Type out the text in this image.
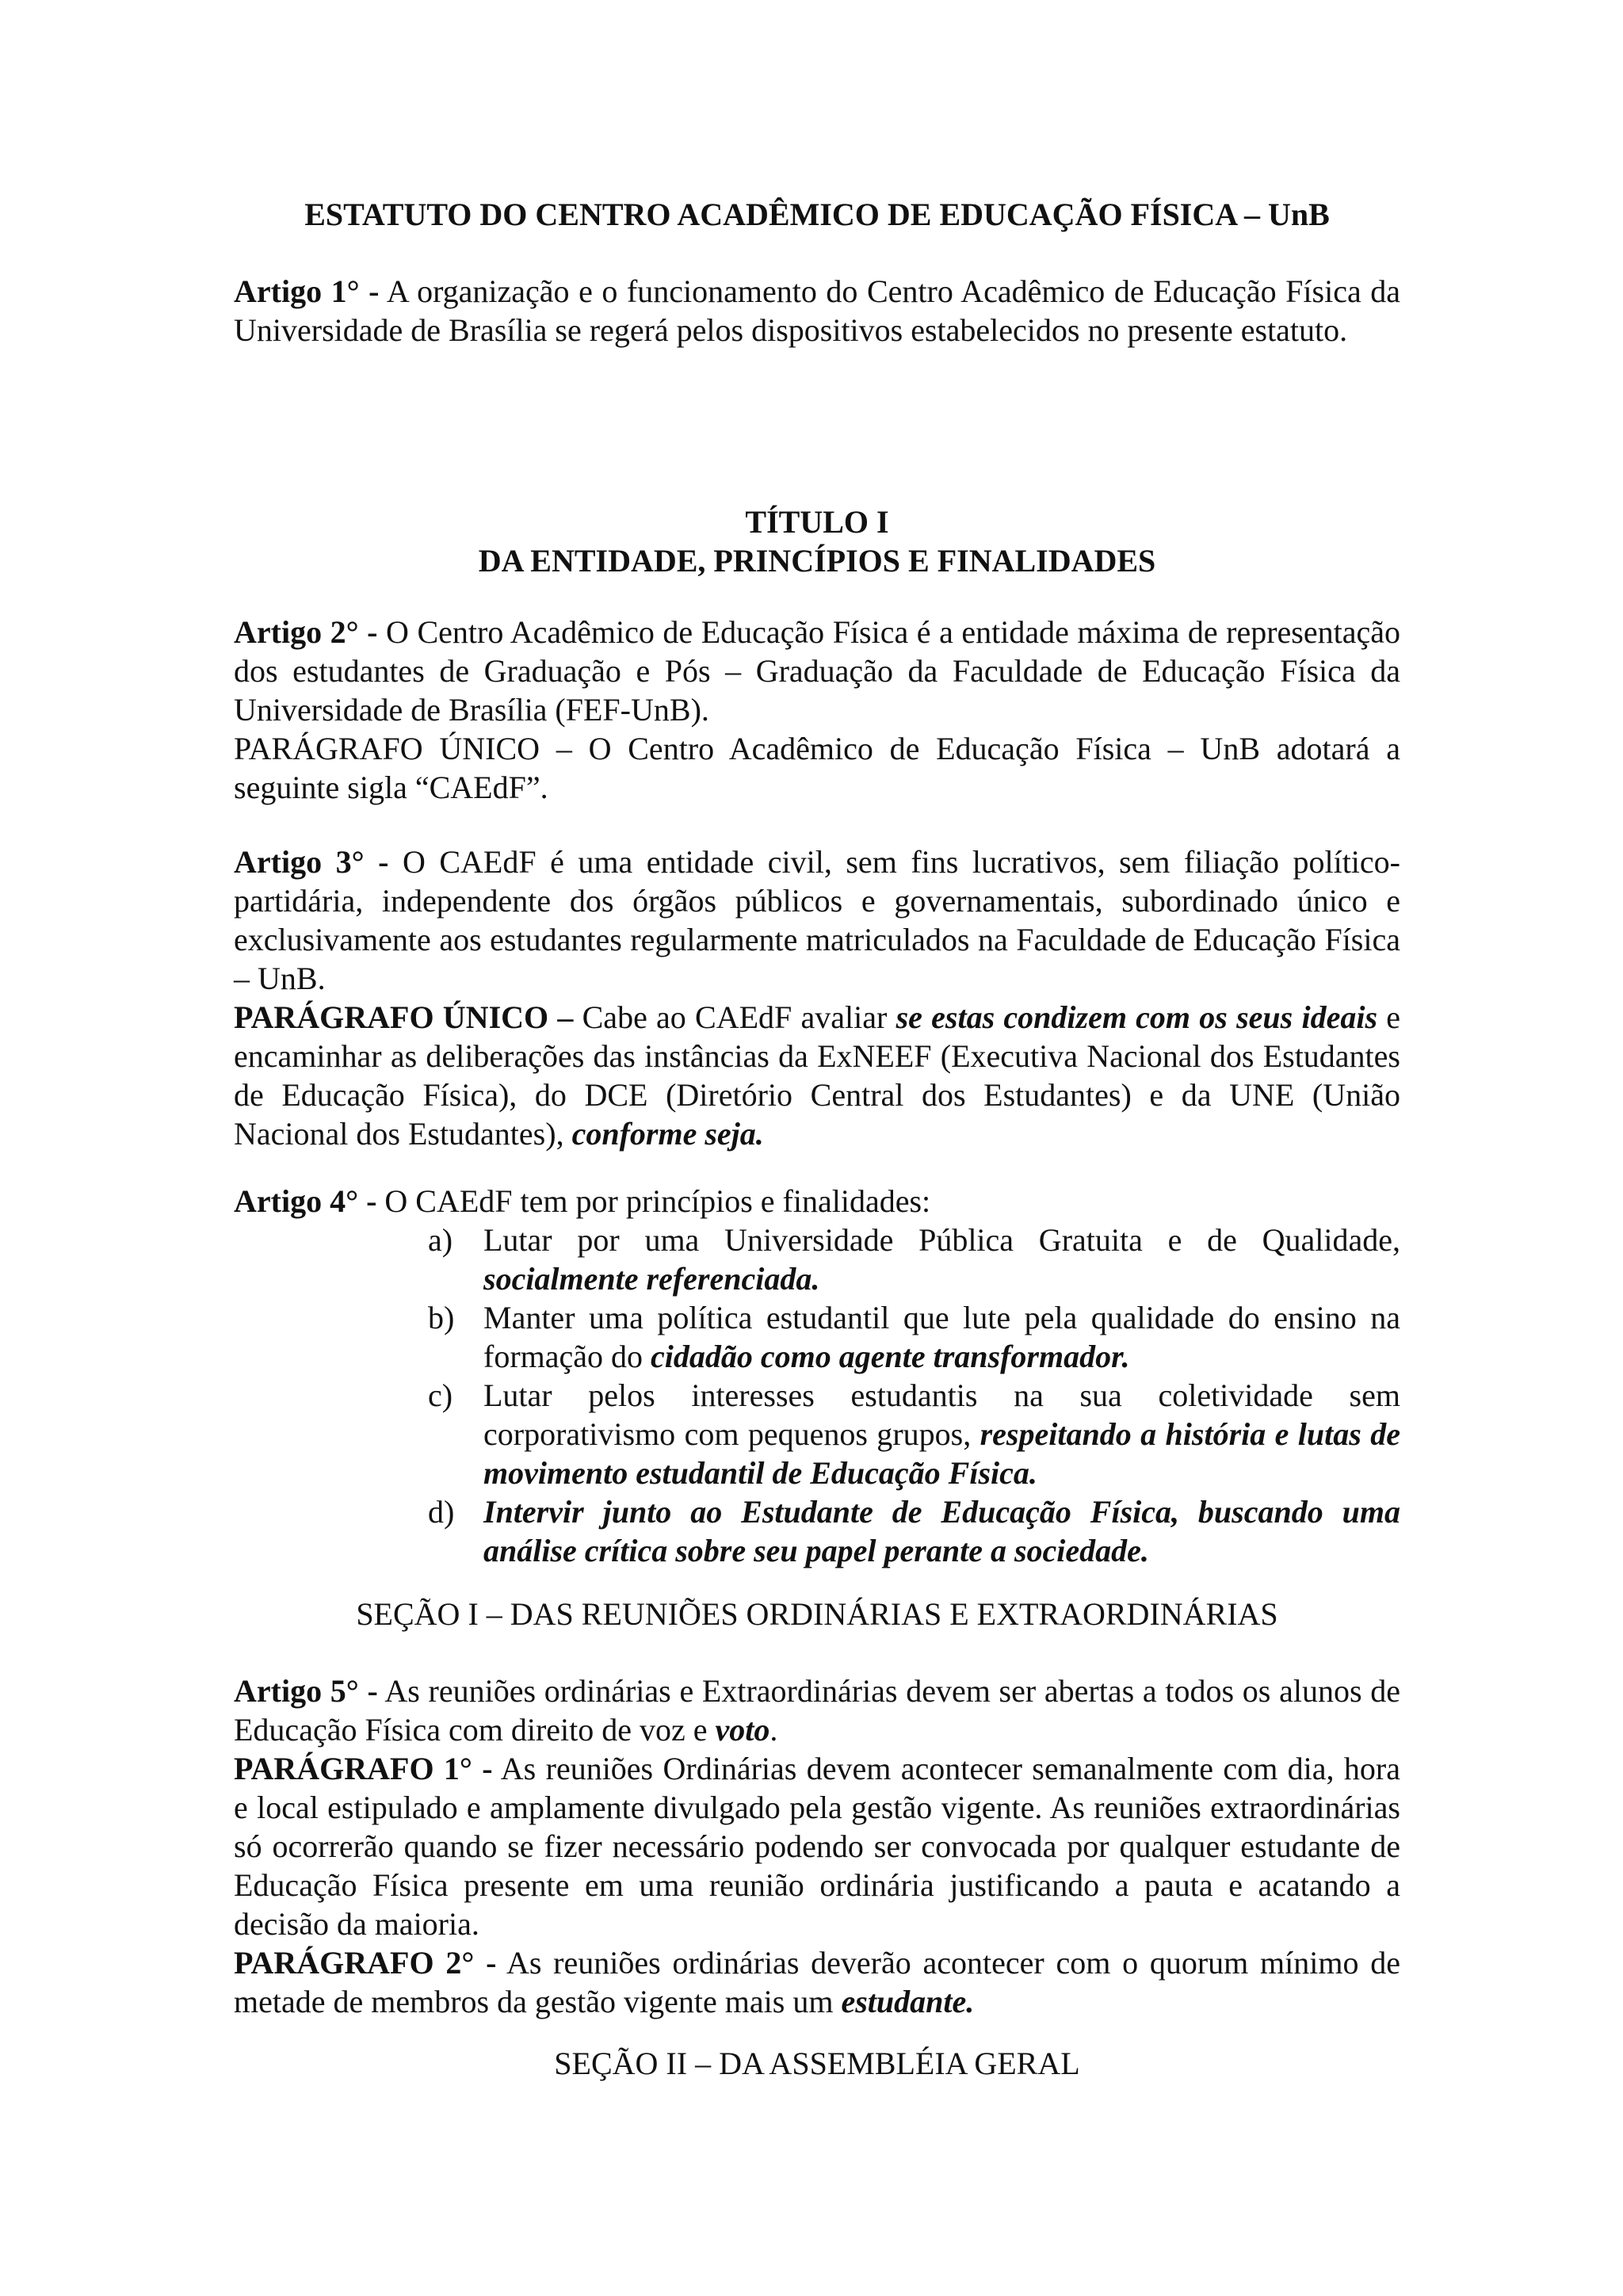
ESTATUTO DO CENTRO ACADÊMICO DE EDUCAÇÃO FÍSICA – UnB

Artigo 1° - A organização e o funcionamento do Centro Acadêmico de Educação Física da Universidade de Brasília se regerá pelos dispositivos estabelecidos no presente estatuto.

TÍTULO I

DA ENTIDADE, PRINCÍPIOS E FINALIDADES

Artigo 2° - O Centro Acadêmico de Educação Física é a entidade máxima de representação dos estudantes de Graduação e Pós – Graduação da Faculdade de Educação Física da Universidade de Brasília (FEF-UnB).

PARÁGRAFO ÚNICO – O Centro Acadêmico de Educação Física – UnB adotará a seguinte sigla “CAEdF”.

Artigo 3° - O CAEdF é uma entidade civil, sem fins lucrativos, sem filiação político-partidária, independente dos órgãos públicos e governamentais, subordinado único e exclusivamente aos estudantes regularmente matriculados na Faculdade de Educação Física – UnB.

PARÁGRAFO ÚNICO – Cabe ao CAEdF avaliar se estas condizem com os seus ideais e encaminhar as deliberações das instâncias da ExNEEF (Executiva Nacional dos Estudantes de Educação Física), do DCE (Diretório Central dos Estudantes) e da UNE (União Nacional dos Estudantes), conforme seja.

Artigo 4° - O CAEdF tem por princípios e finalidades:

a) Lutar por uma Universidade Pública Gratuita e de Qualidade, socialmente referenciada.
b) Manter uma política estudantil que lute pela qualidade do ensino na formação do cidadão como agente transformador.
c) Lutar pelos interesses estudantis na sua coletividade sem corporativismo com pequenos grupos, respeitando a história e lutas de movimento estudantil de Educação Física.
d) Intervir junto ao Estudante de Educação Física, buscando uma análise crítica sobre seu papel perante a sociedade.
SEÇÃO I – DAS REUNIÕES ORDINÁRIAS E EXTRAORDINÁRIAS

Artigo 5° - As reuniões ordinárias e Extraordinárias devem ser abertas a todos os alunos de Educação Física com direito de voz e voto.

PARÁGRAFO 1° - As reuniões Ordinárias devem acontecer semanalmente com dia, hora e local estipulado e amplamente divulgado pela gestão vigente. As reuniões extraordinárias só ocorrerão quando se fizer necessário podendo ser convocada por qualquer estudante de Educação Física presente em uma reunião ordinária justificando a pauta e acatando a decisão da maioria.

PARÁGRAFO 2° - As reuniões ordinárias deverão acontecer com o quorum mínimo de metade de membros da gestão vigente mais um estudante.

SEÇÃO II – DA ASSEMBLÉIA GERAL
